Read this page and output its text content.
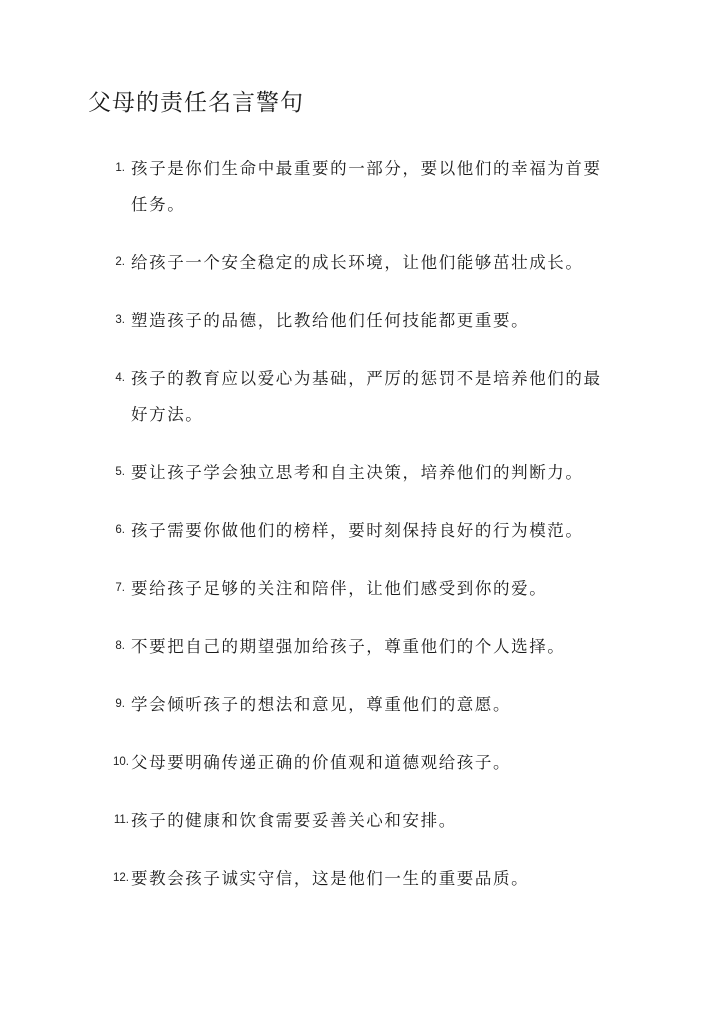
父母的责任名言警句
1. 孩子是你们生命中最重要的一部分，要以他们的幸福为首要任务。
2. 给孩子一个安全稳定的成长环境，让他们能够茁壮成长。
3. 塑造孩子的品德，比教给他们任何技能都更重要。
4. 孩子的教育应以爱心为基础，严厉的惩罚不是培养他们的最好方法。
5. 要让孩子学会独立思考和自主决策，培养他们的判断力。
6. 孩子需要你做他们的榜样，要时刻保持良好的行为模范。
7. 要给孩子足够的关注和陪伴，让他们感受到你的爱。
8. 不要把自己的期望强加给孩子，尊重他们的个人选择。
9. 学会倾听孩子的想法和意见，尊重他们的意愿。
10. 父母要明确传递正确的价值观和道德观给孩子。
11. 孩子的健康和饮食需要妥善关心和安排。
12. 要教会孩子诚实守信，这是他们一生的重要品质。
